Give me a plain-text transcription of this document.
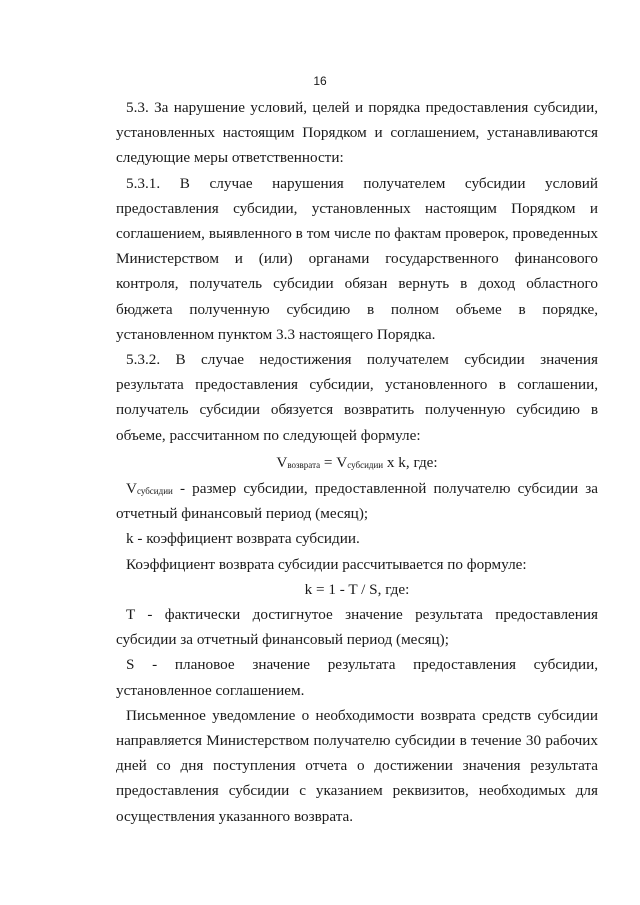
16

5.3. За нарушение условий, целей и порядка предоставления субсидии, установленных настоящим Порядком и соглашением, устанавливаются следующие меры ответственности:

5.3.1. В случае нарушения получателем субсидии условий предоставления субсидии, установленных настоящим Порядком и соглашением, выявленного в том числе по фактам проверок, проведенных Министерством и (или) органами государственного финансового контроля, получатель субсидии обязан вернуть в доход областного бюджета полученную субсидию в полном объеме в порядке, установленном пунктом 3.3 настоящего Порядка.

5.3.2. В случае недостижения получателем субсидии значения результата предоставления субсидии, установленного в соглашении, получатель субсидии обязуется возвратить полученную субсидию в объеме, рассчитанном по следующей формуле:

$V_{возврата} = V_{субсидии}$ x k, где:

$V_{субсидии}$ - размер субсидии, предоставленной получателю субсидии за отчетный финансовый период (месяц);

k - коэффициент возврата субсидии.

Коэффициент возврата субсидии рассчитывается по формуле:

k = 1 - T / S, где:

T - фактически достигнутое значение результата предоставления субсидии за отчетный финансовый период (месяц);

S - плановое значение результата предоставления субсидии, установленное соглашением.

Письменное уведомление о необходимости возврата средств субсидии направляется Министерством получателю субсидии в течение 30 рабочих дней со дня поступления отчета о достижении значения результата предоставления субсидии с указанием реквизитов, необходимых для осуществления указанного возврата.
